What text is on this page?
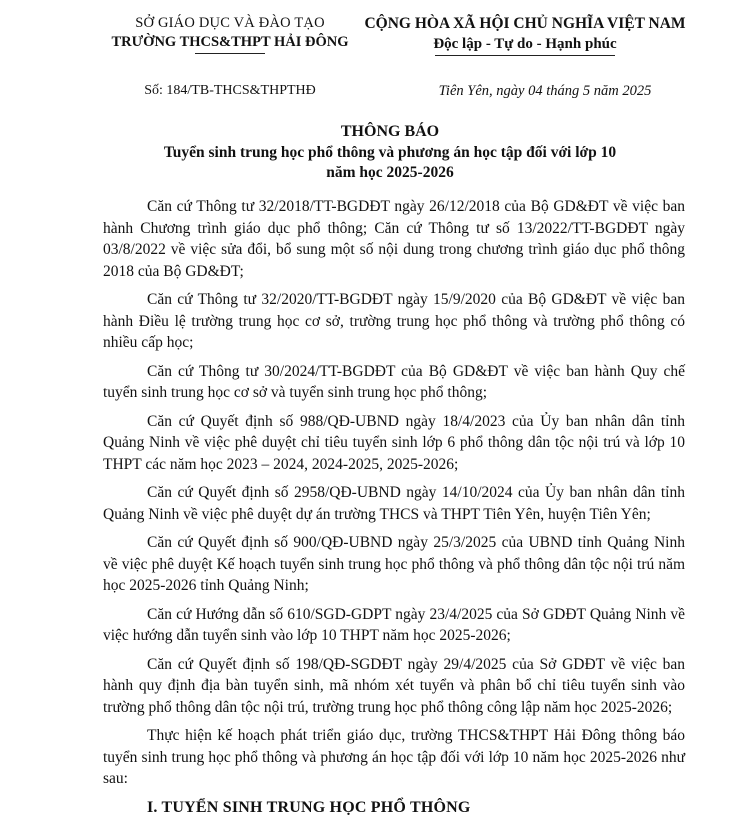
SỞ GIÁO DỤC VÀ ĐÀO TẠO
TRƯỜNG THCS&THPT HẢI ĐÔNG
CỘNG HÒA XÃ HỘI CHỦ NGHĨA VIỆT NAM
Độc lập - Tự do - Hạnh phúc
Số: 184/TB-THCS&THPTHĐ	Tiên Yên, ngày 04 tháng 5 năm 2025
THÔNG BÁO
Tuyển sinh trung học phổ thông và phương án học tập đối với lớp 10
năm học 2025-2026

Căn cứ Thông tư 32/2018/TT-BGDĐT ngày 26/12/2018 của Bộ GD&ĐT về việc ban hành Chương trình giáo dục phổ thông; Căn cứ Thông tư số 13/2022/TT-BGDĐT ngày 03/8/2022 về việc sửa đổi, bổ sung một số nội dung trong chương trình giáo dục phổ thông 2018 của Bộ GD&ĐT;

Căn cứ Thông tư 32/2020/TT-BGDĐT ngày 15/9/2020 của Bộ GD&ĐT về việc ban hành Điều lệ trường trung học cơ sở, trường trung học phổ thông và trường phổ thông có nhiều cấp học;

Căn cứ Thông tư 30/2024/TT-BGDĐT của Bộ GD&ĐT về việc ban hành Quy chế tuyển sinh trung học cơ sở và tuyển sinh trung học phổ thông;

Căn cứ Quyết định số 988/QĐ-UBND ngày 18/4/2023 của Ủy ban nhân dân tỉnh Quảng Ninh về việc phê duyệt chỉ tiêu tuyển sinh lớp 6 phổ thông dân tộc nội trú và lớp 10 THPT các năm học 2023 – 2024, 2024-2025, 2025-2026;

Căn cứ Quyết định số 2958/QĐ-UBND ngày 14/10/2024 của Ủy ban nhân dân tỉnh Quảng Ninh về việc phê duyệt dự án trường THCS và THPT Tiên Yên, huyện Tiên Yên;

Căn cứ Quyết định số 900/QĐ-UBND ngày 25/3/2025 của UBND tỉnh Quảng Ninh về việc phê duyệt Kế hoạch tuyển sinh trung học phổ thông và phổ thông dân tộc nội trú năm học 2025-2026 tỉnh Quảng Ninh;

Căn cứ Hướng dẫn số 610/SGD-GDPT ngày 23/4/2025 của Sở GDĐT Quảng Ninh về việc hướng dẫn tuyển sinh vào lớp 10 THPT năm học 2025-2026;

Căn cứ Quyết định số 198/QĐ-SGDĐT ngày 29/4/2025 của Sở GDĐT về việc ban hành quy định địa bàn tuyển sinh, mã nhóm xét tuyển và phân bổ chỉ tiêu tuyển sinh vào trường phổ thông dân tộc nội trú, trường trung học phổ thông công lập năm học 2025-2026;

Thực hiện kế hoạch phát triển giáo dục, trường THCS&THPT Hải Đông thông báo tuyển sinh trung học phổ thông và phương án học tập đối với lớp 10 năm học 2025-2026 như sau:

I. TUYỂN SINH TRUNG HỌC PHỔ THÔNG
